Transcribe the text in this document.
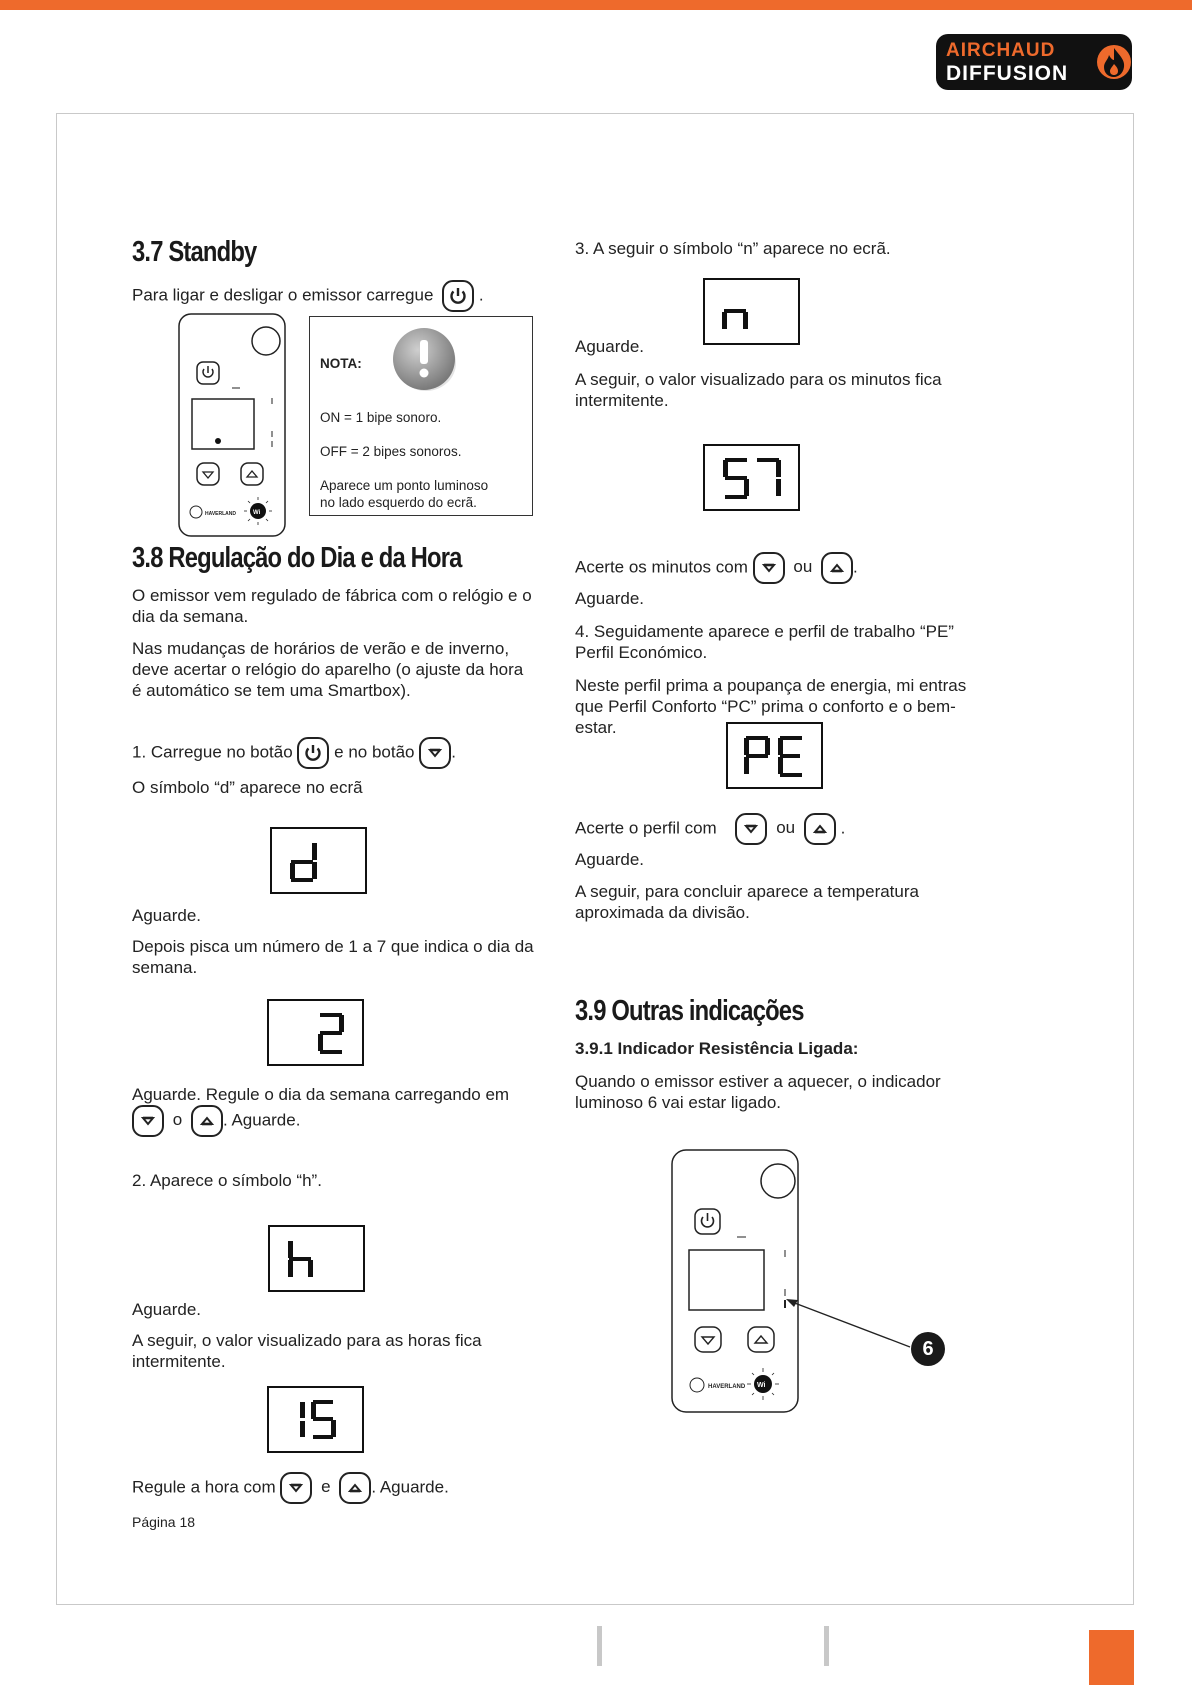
AIRCHAUD
DIFFUSION
3.7 Standby
Para ligar e desligar o emissor carregue	.
HAVERLAND	Wi
NOTA:
ON = 1 bipe sonoro.
OFF = 2 bipes sonoros.
Aparece um ponto luminoso
no lado esquerdo do ecrã.
3.8 Regulação do Dia e da Hora
O emissor vem regulado de fábrica com o relógio e o
dia da semana.
Nas mudanças de horários de verão e de inverno,
deve acertar o relógio do aparelho (o ajuste da hora
é automático se tem uma Smartbox).
1. Carregue no botão e no botão .
O símbolo “d” aparece no ecrã
Aguarde.
Depois pisca um número de 1 a 7 que indica o dia da
semana.
Aguarde. Regule o dia da semana carregando em
o . Aguarde.
2. Aparece o símbolo “h”.
Aguarde.
A seguir, o valor visualizado para as horas fica
intermitente.
Regule a hora com	e . Aguarde.
Página 18
3. A seguir o símbolo “n” aparece no ecrã.
Aguarde.
A seguir, o valor visualizado para os minutos fica
intermitente.
Acerte os minutos com	ou .
Aguarde.
4. Seguidamente aparece e perfil de trabalho “PE”
Perfil Económico.
Neste perfil prima a poupança de energia, mi entras
que Perfil Conforto “PC” prima o conforto e o bem-
estar.
Acerte o perfil com	ou	.
Aguarde.
A seguir, para concluir aparece a temperatura
aproximada da divisão.
3.9 Outras indicações
3.9.1 Indicador Resistência Ligada:
Quando o emissor estiver a aquecer, o indicador
luminoso 6 vai estar ligado.
HAVERLAND Wi
6
